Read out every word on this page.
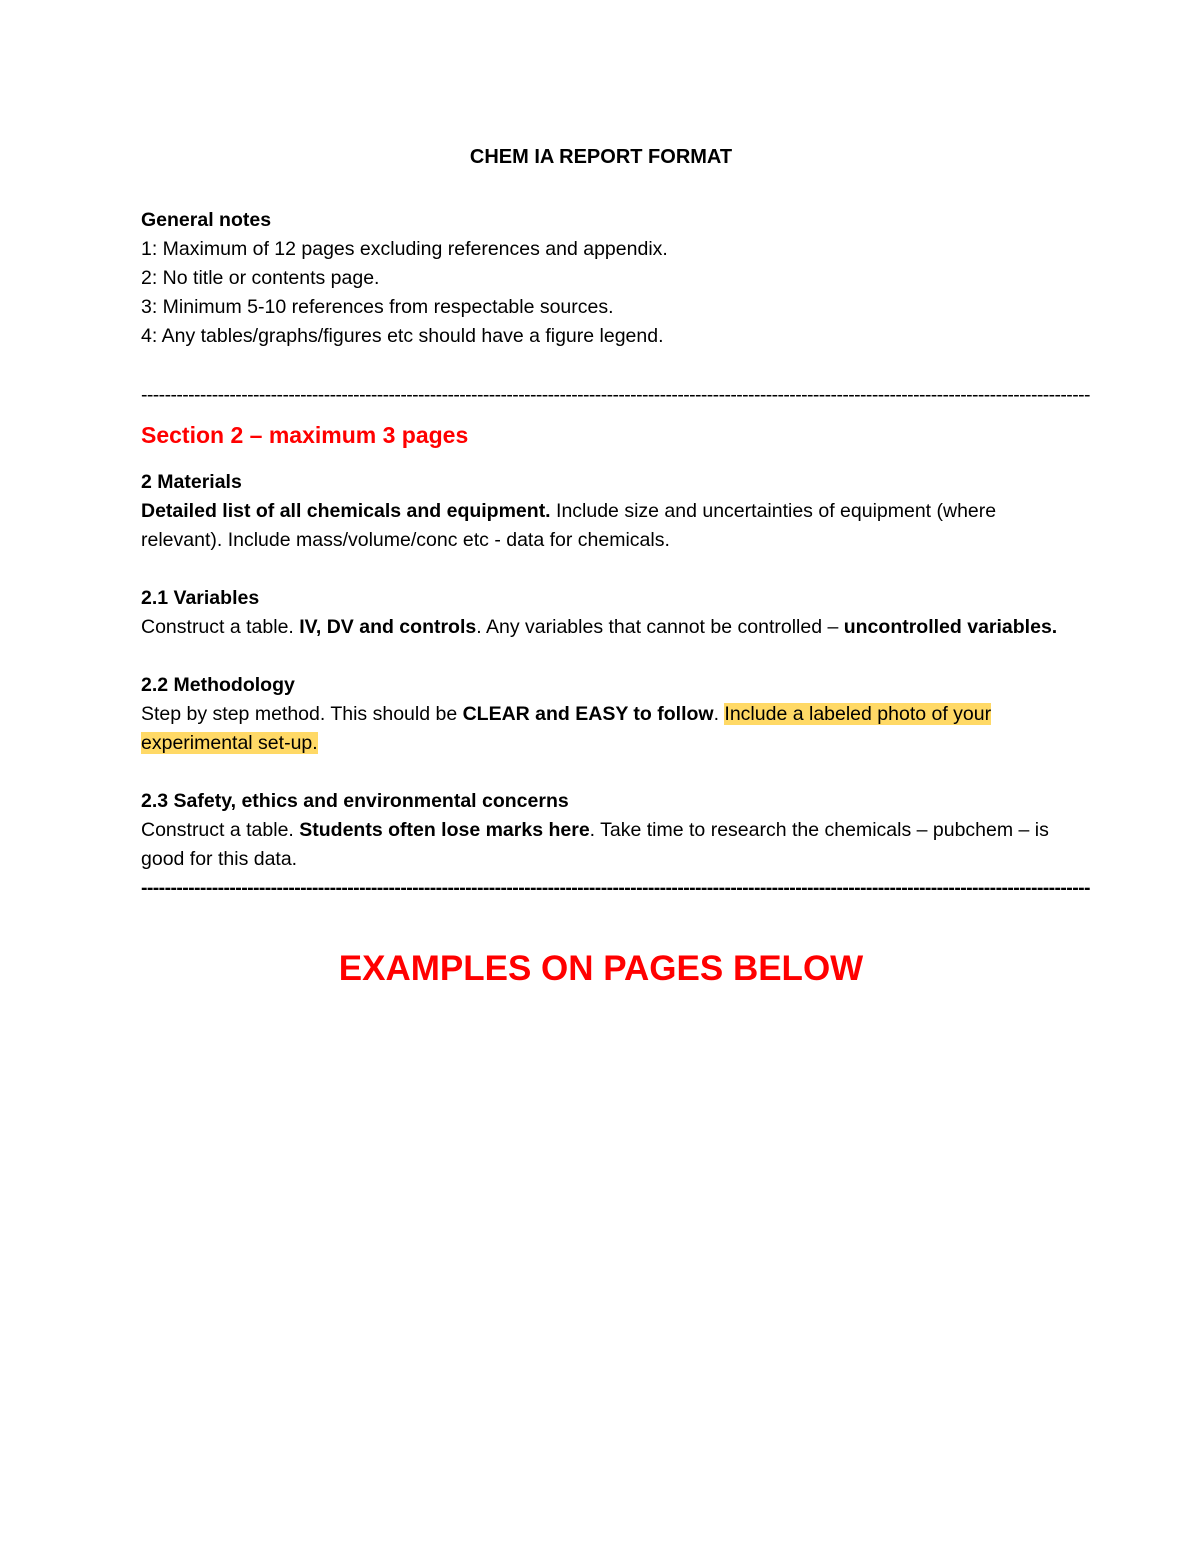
CHEM IA REPORT FORMAT

General notes

1: Maximum of 12 pages excluding references and appendix.

2: No title or contents page.

3: Minimum 5-10 references from respectable sources.

4: Any tables/graphs/figures etc should have a figure legend.

-----------------------------------------------------------------------------------------------------------------------------------------------------------------
Section 2 – maximum 3 pages

2 Materials

Detailed list of all chemicals and equipment. Include size and uncertainties of equipment (where relevant). Include mass/volume/conc etc - data for chemicals.

2.1 Variables

Construct a table. IV, DV and controls. Any variables that cannot be controlled – uncontrolled variables.

2.2 Methodology

Step by step method. This should be CLEAR and EASY to follow. Include a labeled photo of your experimental set-up.

2.3 Safety, ethics and environmental concerns

Construct a table. Students often lose marks here. Take time to research the chemicals – pubchem – is good for this data.

-----------------------------------------------------------------------------------------------------------------------------------------------------------------
EXAMPLES ON PAGES BELOW
